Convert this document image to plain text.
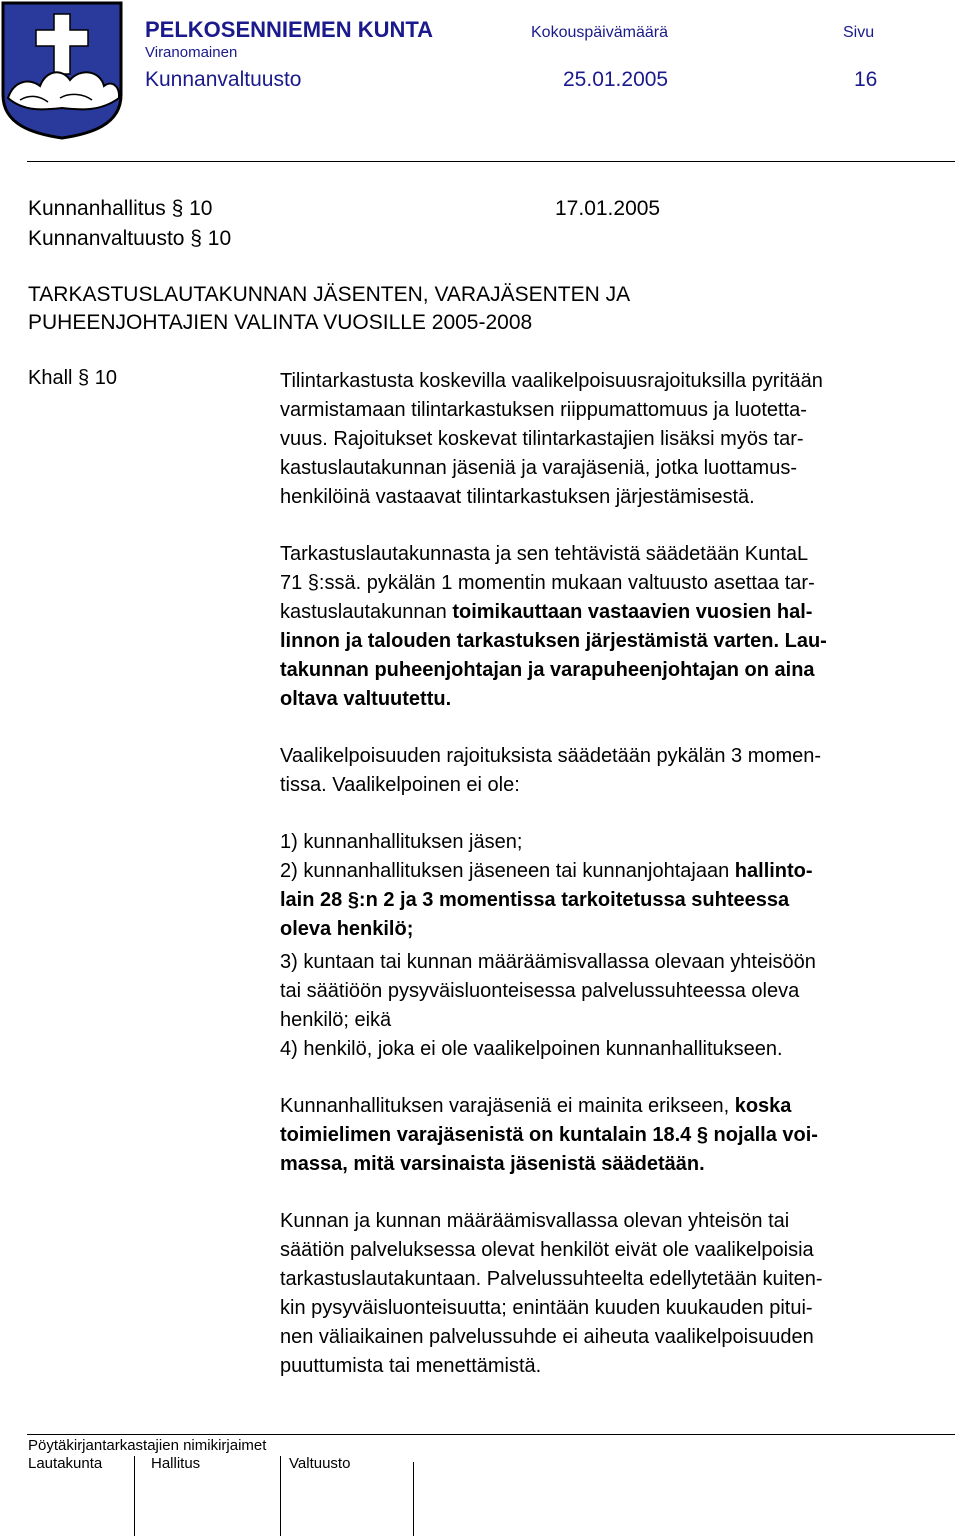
PELKOSENNIEMEN KUNTA	Kokouspäivämäärä	Sivu
Viranomainen
Kunnanvaltuusto	25.01.2005	16
Kunnanhallitus § 10	17.01.2005
Kunnanvaltuusto § 10
TARKASTUSLAUTAKUNNAN JÄSENTEN, VARAJÄSENTEN JA
PUHEENJOHTAJIEN VALINTA VUOSILLE 2005-2008
Khall § 10	Tilintarkastusta koskevilla vaalikelpoisuusrajoituksilla pyritään
varmistamaan tilintarkastuksen riippumattomuus ja luotetta-
vuus. Rajoitukset koskevat tilintarkastajien lisäksi myös tar-
kastuslautakunnan jäseniä ja varajäseniä, jotka luottamus-
henkilöinä vastaavat tilintarkastuksen järjestämisestä.

Tarkastuslautakunnasta ja sen tehtävistä säädetään KuntaL
71 §:ssä. pykälän 1 momentin mukaan valtuusto asettaa tar-
kastuslautakunnan toimikauttaan vastaavien vuosien hal-
linnon ja talouden tarkastuksen järjestämistä varten. Lau-
takunnan puheenjohtajan ja varapuheenjohtajan on aina
oltava valtuutettu.

Vaalikelpoisuuden rajoituksista säädetään pykälän 3 momen-
tissa. Vaalikelpoinen ei ole:

1) kunnanhallituksen jäsen;

2) kunnanhallituksen jäseneen tai kunnanjohtajaan hallinto-
lain 28 §:n 2 ja 3 momentissa tarkoitetussa suhteessa
oleva henkilö;

3) kuntaan tai kunnan määräämisvallassa olevaan yhteisöön
tai säätiöön pysyväisluonteisessa palvelussuhteessa oleva
henkilö; eikä

4) henkilö, joka ei ole vaalikelpoinen kunnanhallitukseen.

Kunnanhallituksen varajäseniä ei mainita erikseen, koska
toimielimen varajäsenistä on kuntalain 18.4 § nojalla voi-
massa, mitä varsinaista jäsenistä säädetään.

Kunnan ja kunnan määräämisvallassa olevan yhteisön tai
säätiön palveluksessa olevat henkilöt eivät ole vaalikelpoisia
tarkastuslautakuntaan. Palvelussuhteelta edellytetään kuiten-
kin pysyväisluonteisuutta; enintään kuuden kuukauden pitui-
nen väliaikainen palvelussuhde ei aiheuta vaalikelpoisuuden
puuttumista tai menettämistä.

Pöytäkirjantarkastajien nimikirjaimet
Lautakunta	Hallitus	Valtuusto
